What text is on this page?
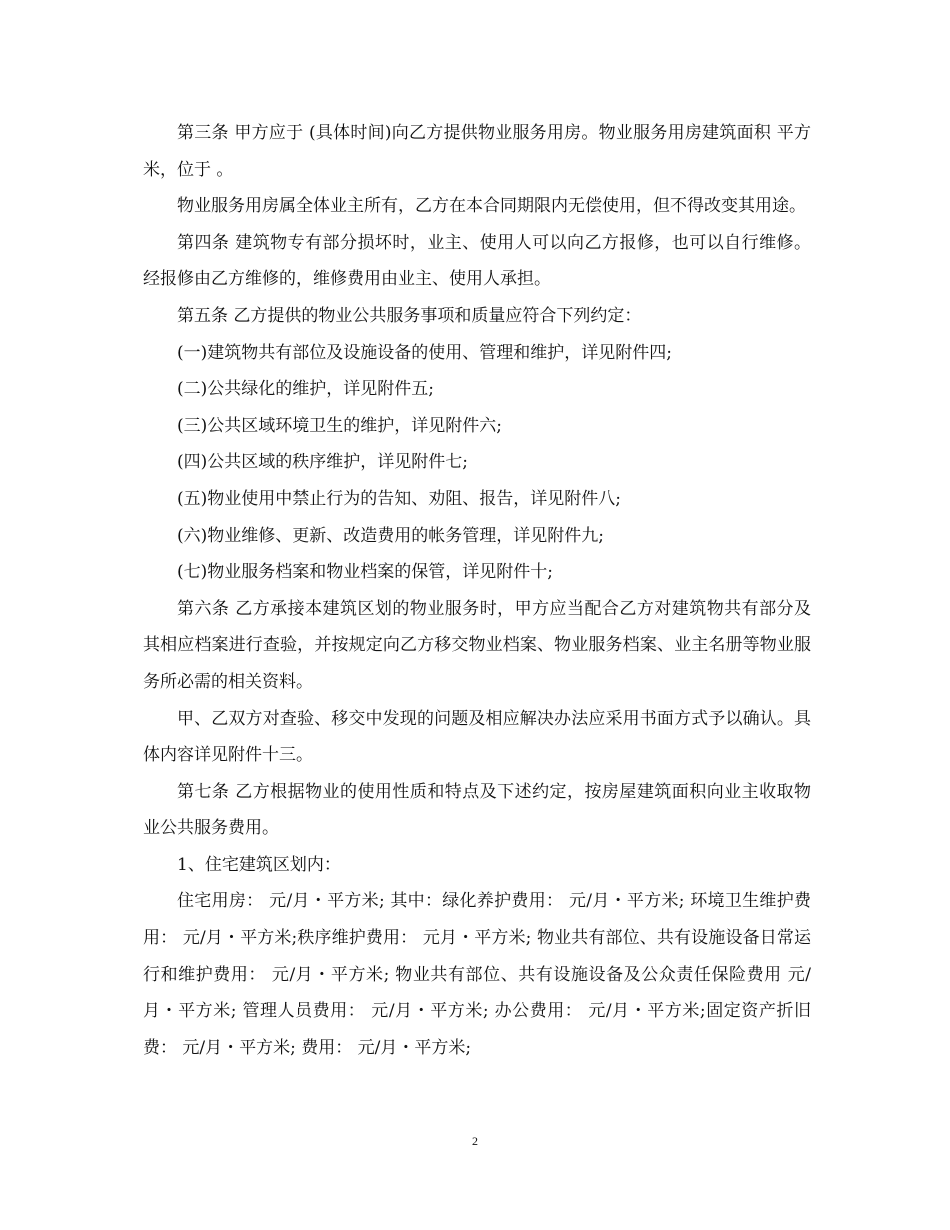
第三条 甲方应于 (具体时间)向乙方提供物业服务用房。物业服务用房建筑面积 平方米，位于 。

物业服务用房属全体业主所有，乙方在本合同期限内无偿使用，但不得改变其用途。

第四条 建筑物专有部分损坏时，业主、使用人可以向乙方报修，也可以自行维修。经报修由乙方维修的，维修费用由业主、使用人承担。

第五条 乙方提供的物业公共服务事项和质量应符合下列约定：

(一)建筑物共有部位及设施设备的使用、管理和维护，详见附件四;

(二)公共绿化的维护，详见附件五;

(三)公共区域环境卫生的维护，详见附件六;

(四)公共区域的秩序维护，详见附件七;

(五)物业使用中禁止行为的告知、劝阻、报告，详见附件八;

(六)物业维修、更新、改造费用的帐务管理，详见附件九;

(七)物业服务档案和物业档案的保管，详见附件十;

第六条 乙方承接本建筑区划的物业服务时，甲方应当配合乙方对建筑物共有部分及其相应档案进行查验，并按规定向乙方移交物业档案、物业服务档案、业主名册等物业服务所必需的相关资料。

甲、乙双方对查验、移交中发现的问题及相应解决办法应采用书面方式予以确认。具体内容详见附件十三。

第七条 乙方根据物业的使用性质和特点及下述约定，按房屋建筑面积向业主收取物业公共服务费用。

1、住宅建筑区划内：

住宅用房： 元/月・平方米; 其中：绿化养护费用： 元/月・平方米; 环境卫生维护费用： 元/月・平方米;秩序维护费用： 元月・平方米; 物业共有部位、共有设施设备日常运行和维护费用： 元/月・平方米; 物业共有部位、共有设施设备及公众责任保险费用 元/月・平方米; 管理人员费用： 元/月・平方米; 办公费用： 元/月・平方米;固定资产折旧费： 元/月・平方米; 费用： 元/月・平方米;

2
